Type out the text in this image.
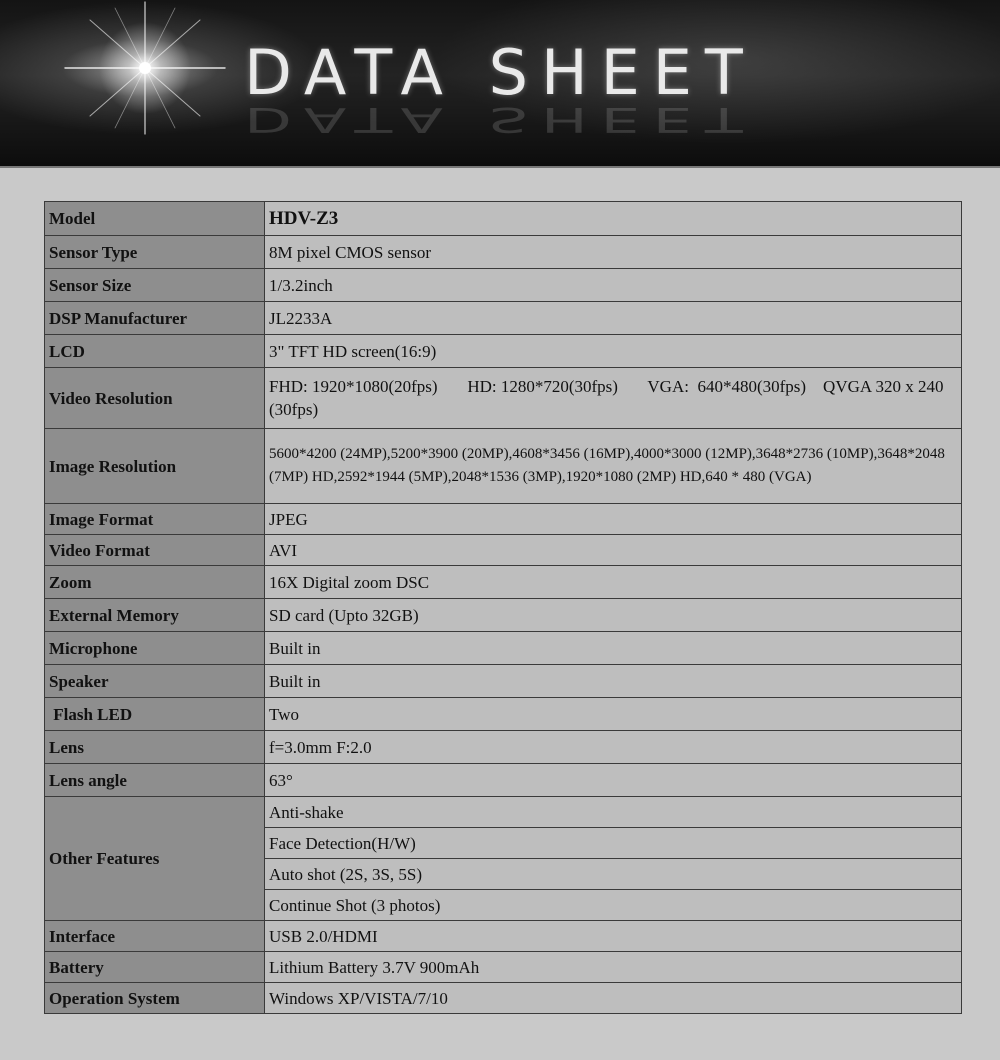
DATA SHEET
DATA SHEET
Model	HDV-Z3
Sensor Type	8M pixel CMOS sensor
Sensor Size	1/3.2inch
DSP Manufacturer	JL2233A
LCD	3" TFT HD screen(16:9)
Video Resolution	FHD: 1920*1080(20fps)       HD: 1280*720(30fps)       VGA:  640*480(30fps)    QVGA 320 x 240 (30fps)
Image Resolution	5600*4200 (24MP),5200*3900 (20MP),4608*3456 (16MP),4000*3000 (12MP),3648*2736 (10MP),3648*2048 (7MP) HD,2592*1944 (5MP),2048*1536 (3MP),1920*1080 (2MP) HD,640 * 480 (VGA)
Image Format	JPEG
Video Format	AVI
Zoom	16X Digital zoom DSC
External Memory	SD card (Upto 32GB)
Microphone	Built in
Speaker	Built in
Flash LED	Two
Lens	f=3.0mm F:2.0
Lens angle	63°
Other Features	Anti-shake
	Face Detection(H/W)
	Auto shot (2S, 3S, 5S)
	Continue Shot (3 photos)
Interface	USB 2.0/HDMI
Battery	Lithium Battery 3.7V 900mAh
Operation System	Windows XP/VISTA/7/10
